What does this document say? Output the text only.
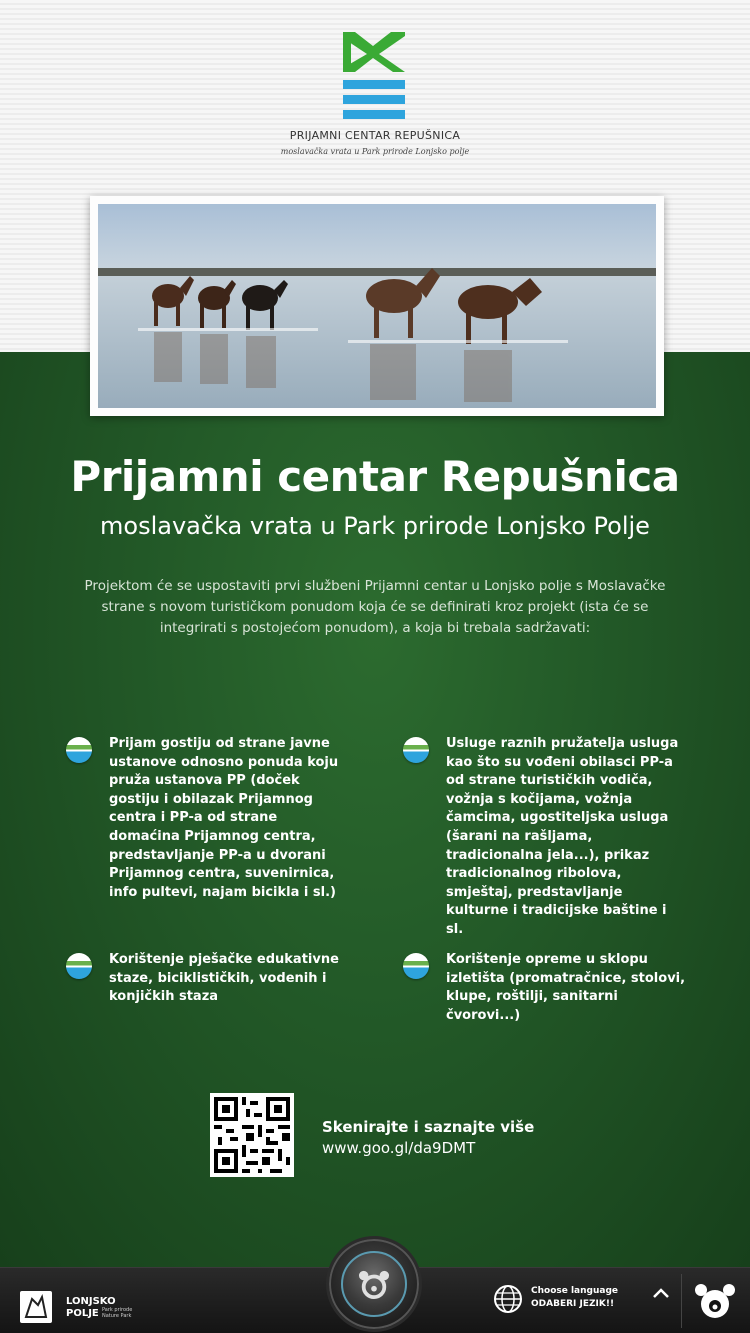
PRIJAMNI CENTAR REPUŠNICA
moslavačka vrata u Park prirode Lonjsko polje
Prijamni centar Repušnica
moslavačka vrata u Park prirode Lonjsko Polje
Projektom će se uspostaviti prvi službeni Prijamni centar u Lonjsko polje s Moslavačke strane s novom turističkom ponudom koja će se definirati kroz projekt (ista će se integrirati s postojećom ponudom), a koja bi trebala sadržavati:
Prijam gostiju od strane javne ustanove odnosno ponuda koju pruža ustanova PP (doček gostiju i obilazak Prijamnog centra i PP-a od strane domaćina Prijamnog centra, predstavljanje PP-a u dvorani Prijamnog centra, suvenirnica, info pultevi, najam bicikla i sl.)
Usluge raznih pružatelja usluga kao što su vođeni obilasci PP-a od strane turističkih vodiča, vožnja s kočijama, vožnja čamcima, ugostiteljska usluga (šarani na rašljama, tradicionalna jela...), prikaz tradicionalnog ribolova, smještaj, predstavljanje kulturne i tradicijske baštine i sl.
Korištenje pješačke edukativne staze, biciklističkih, vodenih i konjičkih staza
Korištenje opreme u sklopu izletišta (promatračnice, stolovi, klupe, roštilji, sanitarni čvorovi...)
Skenirajte i saznajte više
www.goo.gl/da9DMT
LONJSKO
POLJE Park prirode
Nature Park
Choose language
ODABERI JEZIK!!
